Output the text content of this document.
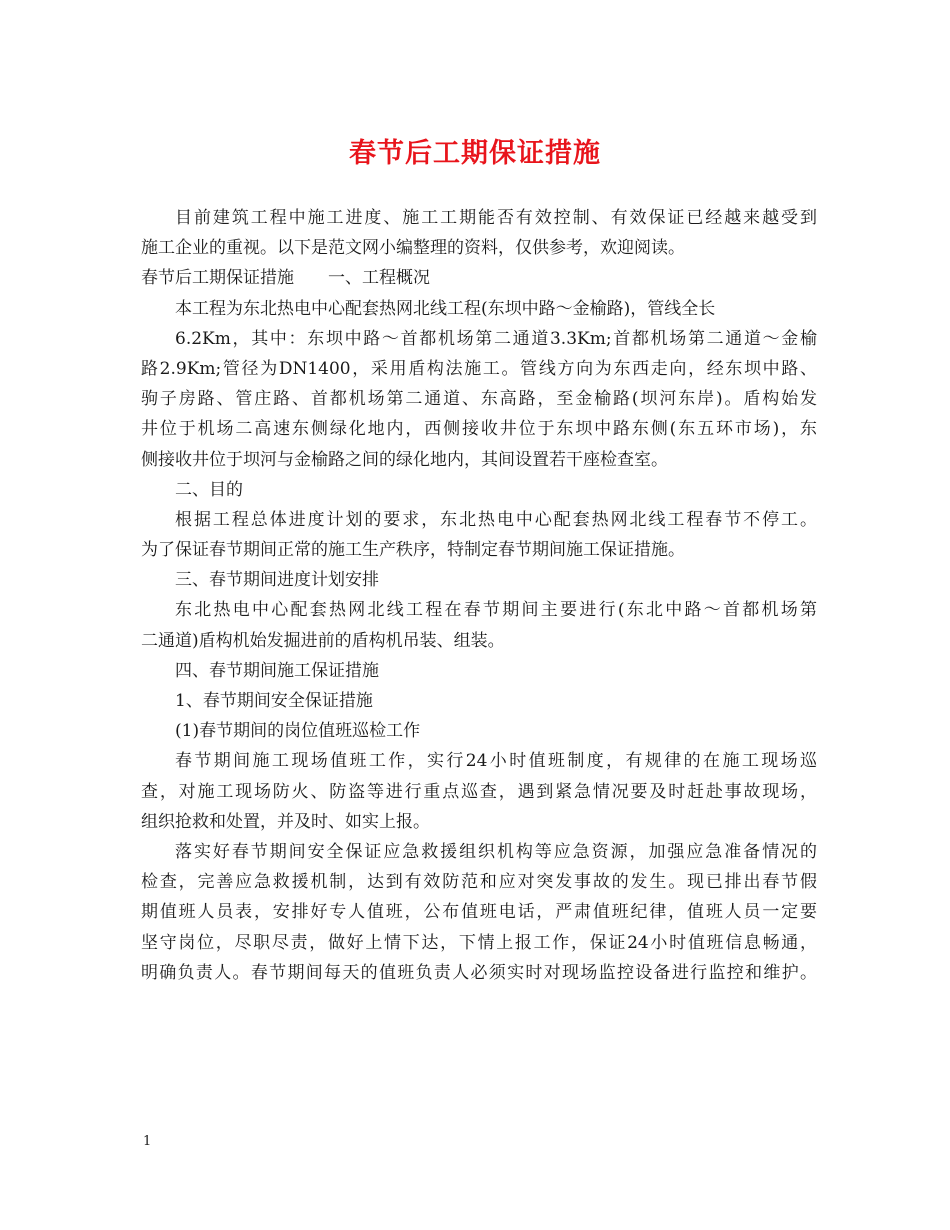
春节后工期保证措施
目前建筑工程中施工进度、施工工期能否有效控制、有效保证已经越来越受到
施工企业的重视。以下是范文网小编整理的资料，仅供参考，欢迎阅读。
春节后工期保证措施　　一、工程概况
本工程为东北热电中心配套热网北线工程(东坝中路～金榆路)，管线全长
6.2Km，其中：东坝中路～首都机场第二通道3.3Km;首都机场第二通道～金榆
路2.9Km;管径为DN1400，采用盾构法施工。管线方向为东西走向，经东坝中路、
驹子房路、管庄路、首都机场第二通道、东高路，至金榆路(坝河东岸)。盾构始发
井位于机场二高速东侧绿化地内，西侧接收井位于东坝中路东侧(东五环市场)，东
侧接收井位于坝河与金榆路之间的绿化地内，其间设置若干座检查室。
二、目的
根据工程总体进度计划的要求，东北热电中心配套热网北线工程春节不停工。
为了保证春节期间正常的施工生产秩序，特制定春节期间施工保证措施。
三、春节期间进度计划安排
东北热电中心配套热网北线工程在春节期间主要进行(东北中路～首都机场第
二通道)盾构机始发掘进前的盾构机吊装、组装。
四、春节期间施工保证措施
1、春节期间安全保证措施
(1)春节期间的岗位值班巡检工作
春节期间施工现场值班工作，实行24小时值班制度，有规律的在施工现场巡
查，对施工现场防火、防盗等进行重点巡查，遇到紧急情况要及时赶赴事故现场，
组织抢救和处置，并及时、如实上报。
落实好春节期间安全保证应急救援组织机构等应急资源，加强应急准备情况的
检查，完善应急救援机制，达到有效防范和应对突发事故的发生。现已排出春节假
期值班人员表，安排好专人值班，公布值班电话，严肃值班纪律，值班人员一定要
坚守岗位，尽职尽责，做好上情下达，下情上报工作，保证24小时值班信息畅通，
明确负责人。春节期间每天的值班负责人必须实时对现场监控设备进行监控和维护。
1
